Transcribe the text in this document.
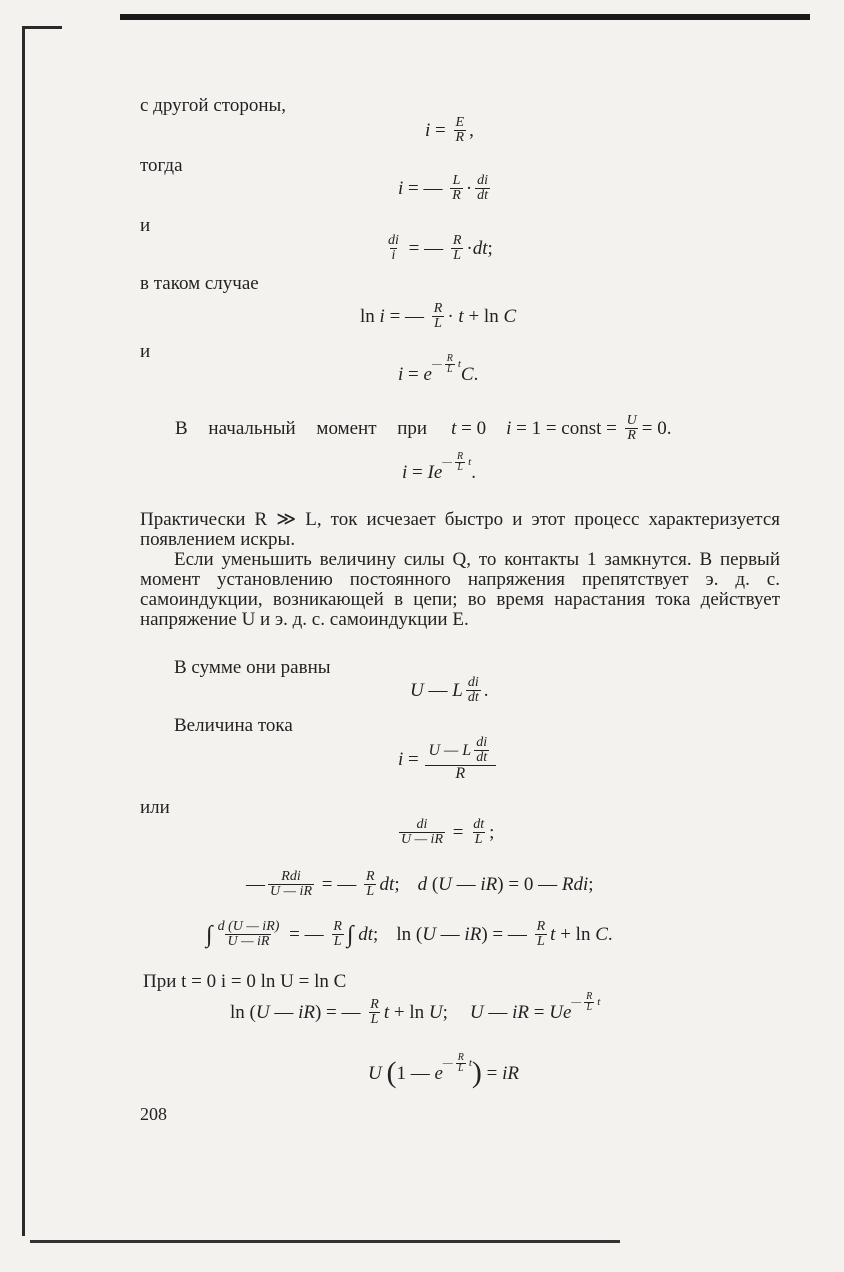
с другой стороны,
$i = \frac{E}{R}$ ,
тогда
i = — $\frac{L}{R} \cdot \frac{di}{dt}$
и
$\frac{di}{i}$ = — $\frac{R}{L}$ · dt ;
в таком случае
ln i = — $\frac{R}{L} \cdot t + \ln C$
и
i = e — $\frac{R}{L}$ t C .
В начальный момент при t = 0 i = 1 = const = $\frac{U}{R} = 0$.
i = Ie — $\frac{R}{L}$ t .
Практически R ≫ L, ток исчезает быстро и этот процесс характеризуется появлением искры.
Если уменьшить величину силы Q, то контакты 1 замкнутся. В первый момент установлению постоянного напряжения препятствует э. д. с. самоиндукции, возникающей в цепи; во время нарастания тока действует напряжение U и э. д. с. самоиндукции E.
В сумме они равны
U — L $\frac{di}{dt}$ .
Величина тока
$i = \frac{U — L \frac{di}{dt}}{R}$
или
$\frac{di}{U — iR} = \frac{dt}{L}$ ;
— $\frac{\text{Rdi}}{U — iR}$ = — $\frac{R}{L}$ dt ; d ( U — iR ) = 0 — Rdi ;
∫ $\frac{d (U — iR)}{U — iR}$ = — $\frac{R}{L}$ ∫
dt ; ln ( U — iR ) = — $\frac{R}{L}$ t + ln C .
При t = 0 i = 0 ln U = ln C
ln ( U — iR ) = — $\frac{R}{L}$ t + ln U ; U — iR = Ue — $\frac{R}{L}$ t
U
( 1 — e — $\frac{R}{L}$ t ) = iR
208
